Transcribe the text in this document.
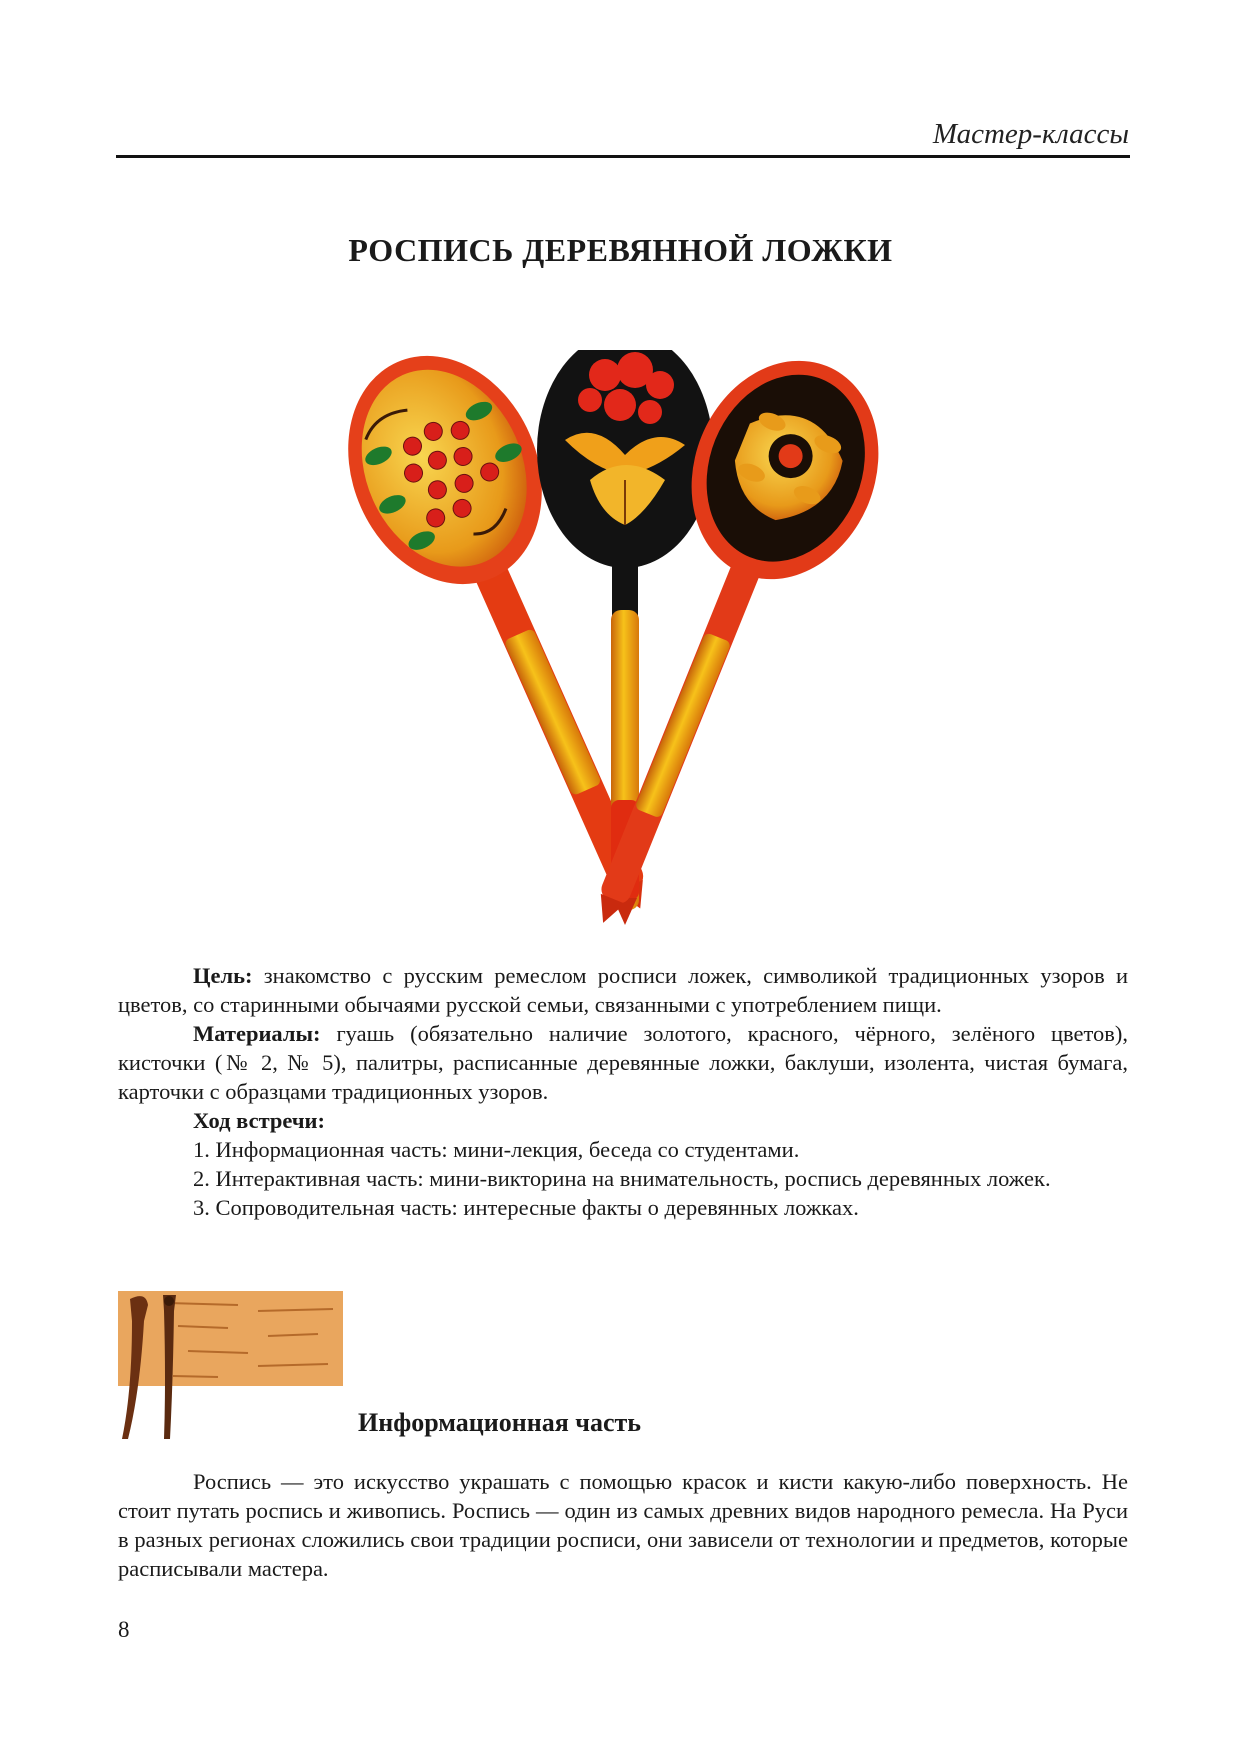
Мастер-классы
РОСПИСЬ ДЕРЕВЯННОЙ ЛОЖКИ

Цель: знакомство с русским ремеслом росписи ложек, символикой традиционных узоров и цветов, со старинными обычаями русской семьи, связанными с употреблением пищи.

Материалы: гуашь (обязательно наличие золотого, красного, чёрного, зелёного цветов), кисточки (№ 2, № 5), палитры, расписанные деревянные ложки, баклуши, изолента, чистая бумага, карточки с образцами традиционных узоров.

Ход встречи:
1. Информационная часть: мини-лекция, беседа со студентами.
2. Интерактивная часть: мини-викторина на внимательность, роспись деревянных ложек.
3. Сопроводительная часть: интересные факты о деревянных ложках.
Информационная часть

Роспись — это искусство украшать с помощью красок и кисти какую-либо поверхность. Не стоит путать роспись и живопись. Роспись — один из самых древних видов народного ремесла. На Руси в разных регионах сложились свои традиции росписи, они зависели от технологии и предметов, которые расписывали мастера.

8
